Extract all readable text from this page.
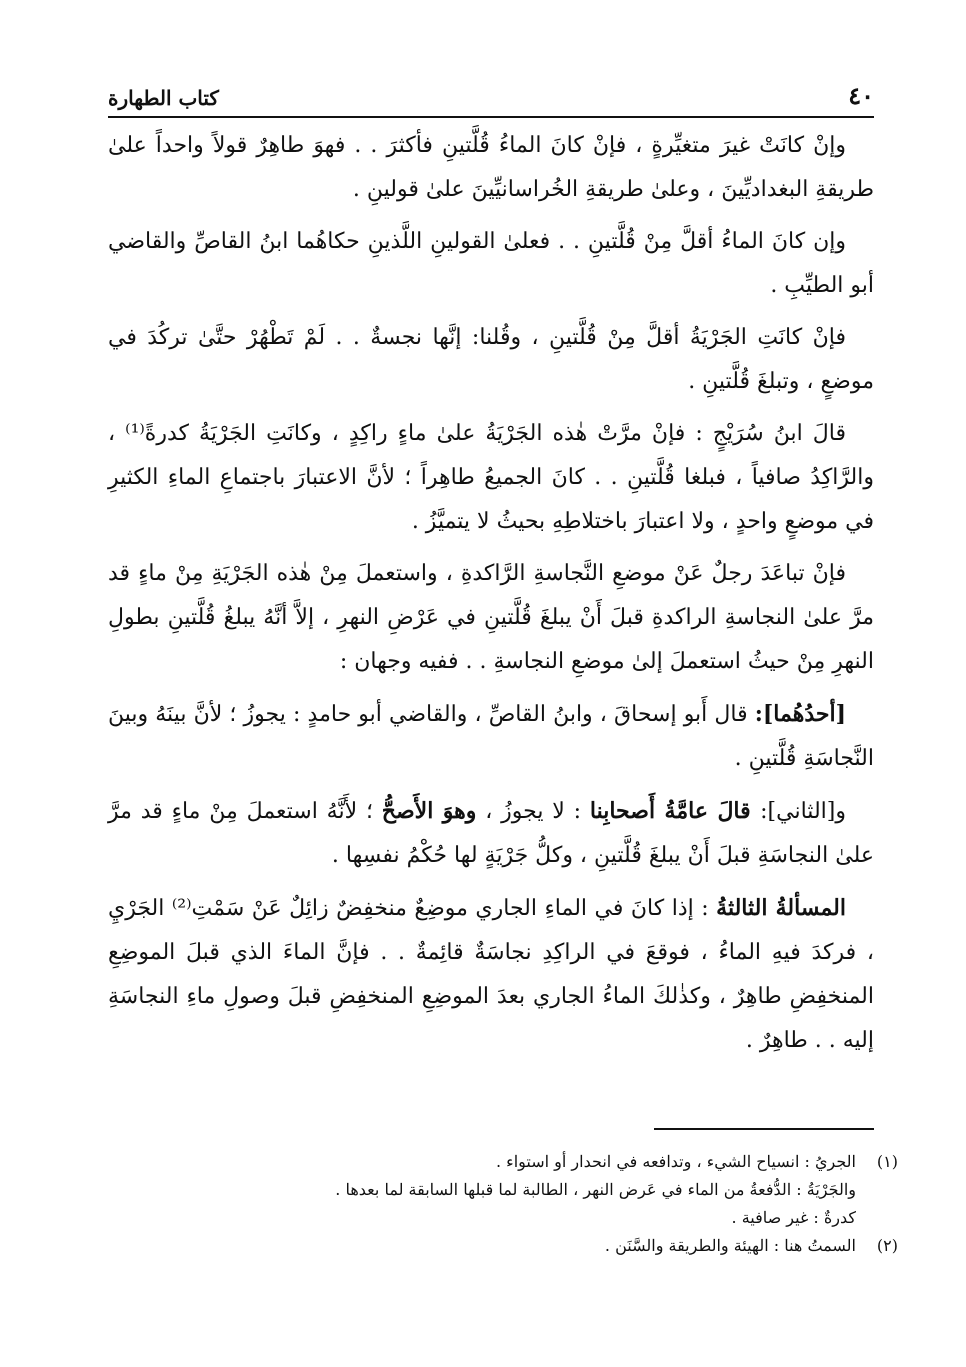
٤٠
كتاب الطهارة

وإنْ كانَتْ غيرَ متغيِّرةٍ ، فإنْ كانَ الماءُ قُلَّتينِ فأكثرَ . . فهوَ طاهِرٌ قولاً واحداً علىٰ طريقةِ البغداديِّينَ ، وعلىٰ طريقةِ الخُراسانيِّينَ علىٰ قولينِ .

وإن كانَ الماءُ أقلَّ مِنْ قُلَّتينِ . . فعلىٰ القولينِ اللَّذينِ حكاهُما ابنُ القاصِّ والقاضي أبو الطيِّبِ .

فإنْ كانَتِ الجَرْيَةُ أقلَّ مِنْ قُلَّتينِ ، وقُلنا: إنَّها نجسةٌ . . لَمْ تَطْهُرْ حتَّىٰ تركُدَ في موضعٍ ، وتبلغَ قُلَّتينِ .

قالَ ابنُ سُرَيْجٍ : فإنْ مرَّتْ هٰذه الجَرْيَةُ علىٰ ماءٍ راكِدٍ ، وكانَتِ الجَرْيَةُ كدرةً⁽¹⁾ ، والرَّاكِدُ صافياً ، فبلغا قُلَّتينِ . . كانَ الجميعُ طاهِراً ؛ لأنَّ الاعتبارَ باجتماعِ الماءِ الكثيرِ في موضعٍ واحدٍ ، ولا اعتبارَ باختلاطِهِ بحيثُ لا يتميَّزُ .

فإنْ تباعَدَ رجلٌ عَنْ موضعِ النَّجاسةِ الرَّاكدةِ ، واستعملَ مِنْ هٰذه الجَرْيَةِ مِنْ ماءٍ قد مرَّ علىٰ النجاسةِ الراكدةِ قبلَ أَنْ يبلغَ قُلَّتينِ في عَرْضِ النهرِ ، إلاَّ أنَّهُ يبلغُ قُلَّتينِ بطولِ النهرِ مِنْ حيثُ استعملَ إلىٰ موضعِ النجاسةِ . . ففيه وجهان :

[أحدُهُما]: قال أَبو إسحاقَ ، وابنُ القاصِّ ، والقاضي أبو حامدٍ : يجوزُ ؛ لأنَّ بينَهُ وبينَ النَّجاسَةِ قُلَّتينِ .

و[الثاني]: قالَ عامَّةُ أَصحابِنا : لا يجوزُ ، وهوَ الأَصحُّ ؛ لأَنَّهُ استعملَ مِنْ ماءٍ قد مرَّ علىٰ النجاسَةِ قبلَ أَنْ يبلغَ قُلَّتينِ ، وكلُّ جَرْيَةٍ لها حُكْمُ نفسِها .

المسألةُ الثالثةُ : إذا كانَ في الماءِ الجاري موضِعٌ منخفِضٌ زائِلٌ عَنْ سَمْتِ⁽²⁾ الجَرْيِ ، فركدَ فيهِ الماءُ ، فوقعَ في الراكِدِ نجاسَةٌ قائِمةٌ . . فإنَّ الماءَ الذي قبلَ الموضِعِ المنخفِضِ طاهِرٌ ، وكذٰلكَ الماءُ الجاري بعدَ الموضِعِ المنخفِضِ قبلَ وصولِ ماءِ النجاسَةِ إليه . . طاهِرٌ .

(١)
الجريُ : انسياح الشيء ، وتدافعه في انحدار أو استواء .
والجَرْيَةُ : الدُّفعةُ من الماء في عَرض النهر ، الطالبة لما قبلها السابقة لما بعدها .
كدرةٌ : غير صافية .
(٢)
السمتُ هنا : الهيئة والطريقة والسَّنَن .
